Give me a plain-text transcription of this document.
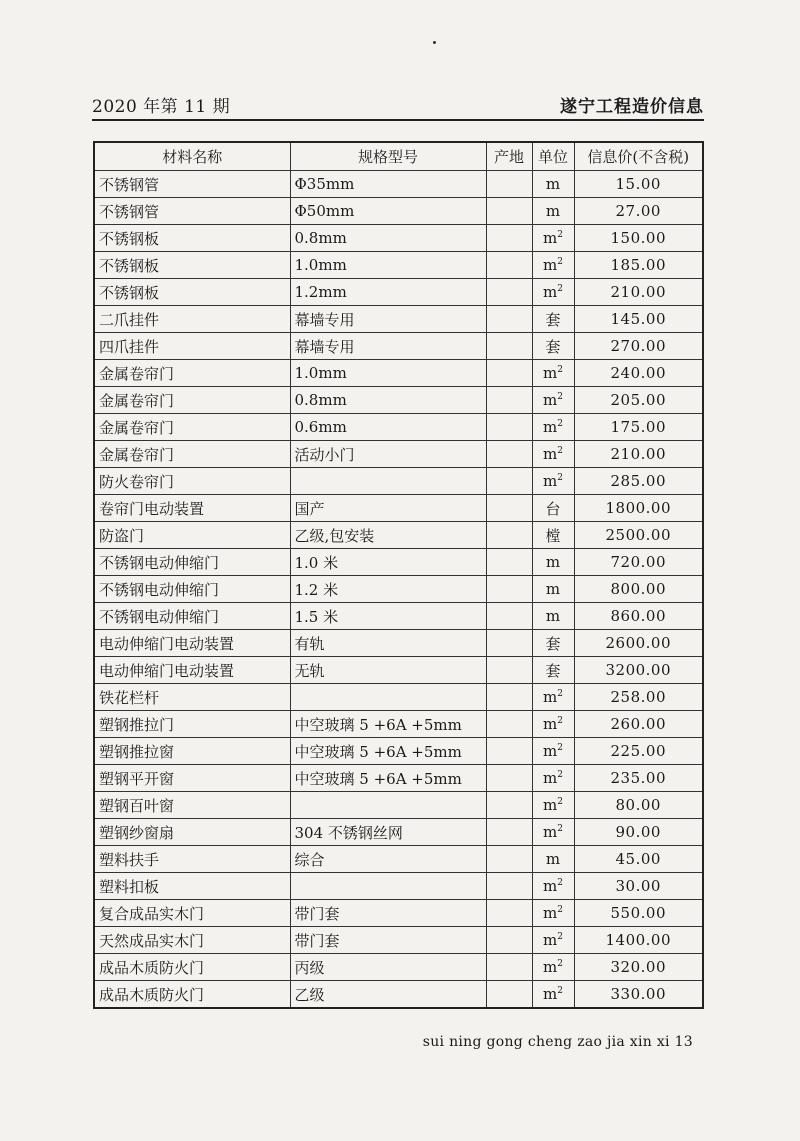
2020 年第 11 期	遂宁工程造价信息
材料名称	规格型号	产地	单位	信息价(不含税)
不锈钢管	Φ35mm		m	15.00
不锈钢管	Φ50mm		m	27.00
不锈钢板	0.8mm		$m^2$	150.00
不锈钢板	1.0mm		$m^2$	185.00
不锈钢板	1.2mm		$m^2$	210.00
二爪挂件	幕墙专用		套	145.00
四爪挂件	幕墙专用		套	270.00
金属卷帘门	1.0mm		$m^2$	240.00
金属卷帘门	0.8mm		$m^2$	205.00
金属卷帘门	0.6mm		$m^2$	175.00
金属卷帘门	活动小门		$m^2$	210.00
防火卷帘门			$m^2$	285.00
卷帘门电动装置	国产		台	1800.00
防盗门	乙级,包安装		樘	2500.00
不锈钢电动伸缩门	1.0 米		m	720.00
不锈钢电动伸缩门	1.2 米		m	800.00
不锈钢电动伸缩门	1.5 米		m	860.00
电动伸缩门电动装置	有轨		套	2600.00
电动伸缩门电动装置	无轨		套	3200.00
铁花栏杆			$m^2$	258.00
塑钢推拉门	中空玻璃 5 +6A +5mm		$m^2$	260.00
塑钢推拉窗	中空玻璃 5 +6A +5mm		$m^2$	225.00
塑钢平开窗	中空玻璃 5 +6A +5mm		$m^2$	235.00
塑钢百叶窗			$m^2$	80.00
塑钢纱窗扇	304 不锈钢丝网		$m^2$	90.00
塑料扶手	综合		m	45.00
塑料扣板			$m^2$	30.00
复合成品实木门	带门套		$m^2$	550.00
天然成品实木门	带门套		$m^2$	1400.00
成品木质防火门	丙级		$m^2$	320.00
成品木质防火门	乙级		$m^2$	330.00
sui ning gong cheng zao jia xin xi 13
